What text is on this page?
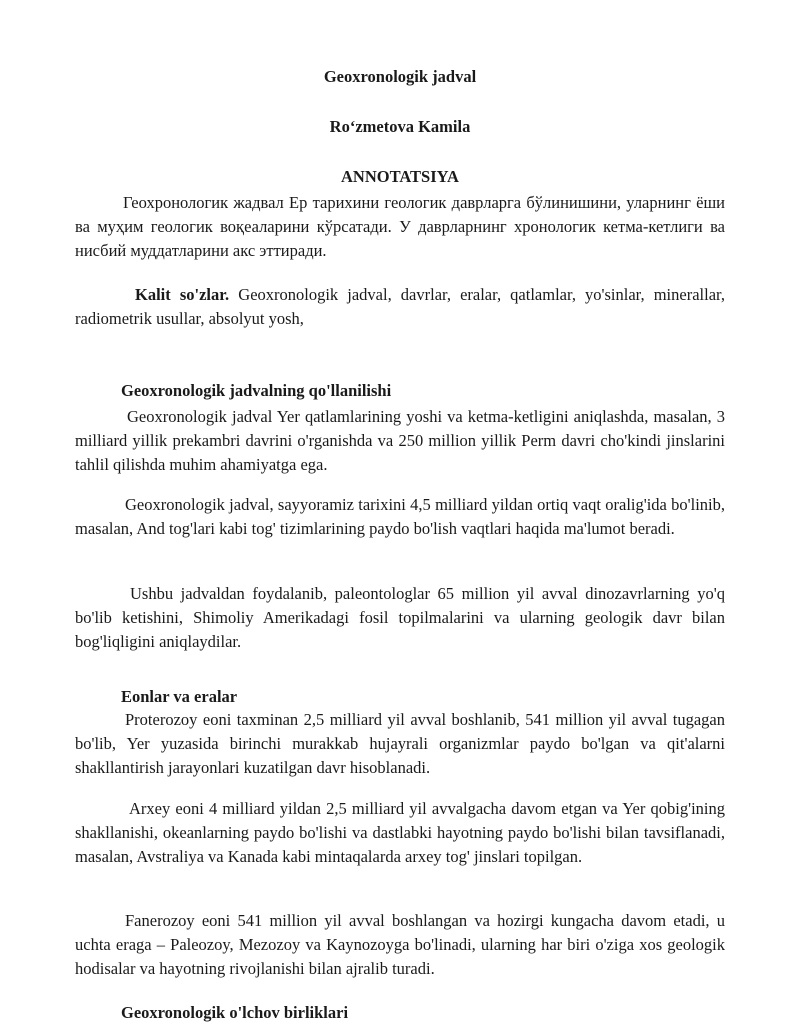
Geoxronologik jadval
Roʻzmetova Kamila
ANNOTATSIYA

Геохронологик жадвал Ер тарихини геологик даврларга бўлинишини, уларнинг ёши ва муҳим геологик воқеаларини кўрсатади. У даврларнинг хронологик кетма-кетлиги ва нисбий муддатларини акс эттиради.

Kalit so'zlar. Geoxronologik jadval, davrlar, eralar, qatlamlar, yo'sinlar, minerallar, radiometrik usullar, absolyut yosh,

Geoxronologik jadvalning qo'llanilishi

Geoxronologik jadval Yer qatlamlarining yoshi va ketma-ketligini aniqlashda, masalan, 3 milliard yillik prekambri davrini o'rganishda va 250 million yillik Perm davri cho'kindi jinslarini tahlil qilishda muhim ahamiyatga ega.

Geoxronologik jadval, sayyoramiz tarixini 4,5 milliard yildan ortiq vaqt oralig'ida bo'linib, masalan, And tog'lari kabi tog' tizimlarining paydo bo'lish vaqtlari haqida ma'lumot beradi.

Ushbu jadvaldan foydalanib, paleontologlar 65 million yil avval dinozavrlarning yo'q bo'lib ketishini, Shimoliy Amerikadagi fosil topilmalarini va ularning geologik davr bilan bog'liqligini aniqlaydilar.

Eonlar va eralar

Proterozoy eoni taxminan 2,5 milliard yil avval boshlanib, 541 million yil avval tugagan bo'lib, Yer yuzasida birinchi murakkab hujayrali organizmlar paydo bo'lgan va qit'alarni shakllantirish jarayonlari kuzatilgan davr hisoblanadi.

Arxey eoni 4 milliard yildan 2,5 milliard yil avvalgacha davom etgan va Yer qobig'ining shakllanishi, okeanlarning paydo bo'lishi va dastlabki hayotning paydo bo'lishi bilan tavsiflanadi, masalan, Avstraliya va Kanada kabi mintaqalarda arxey tog' jinslari topilgan.

Fanerozoy eoni 541 million yil avval boshlangan va hozirgi kungacha davom etadi, u uchta eraga – Paleozoy, Mezozoy va Kaynozoyga bo'linadi, ularning har biri o'ziga xos geologik hodisalar va hayotning rivojlanishi bilan ajralib turadi.

Geoxronologik o'lchov birliklari
